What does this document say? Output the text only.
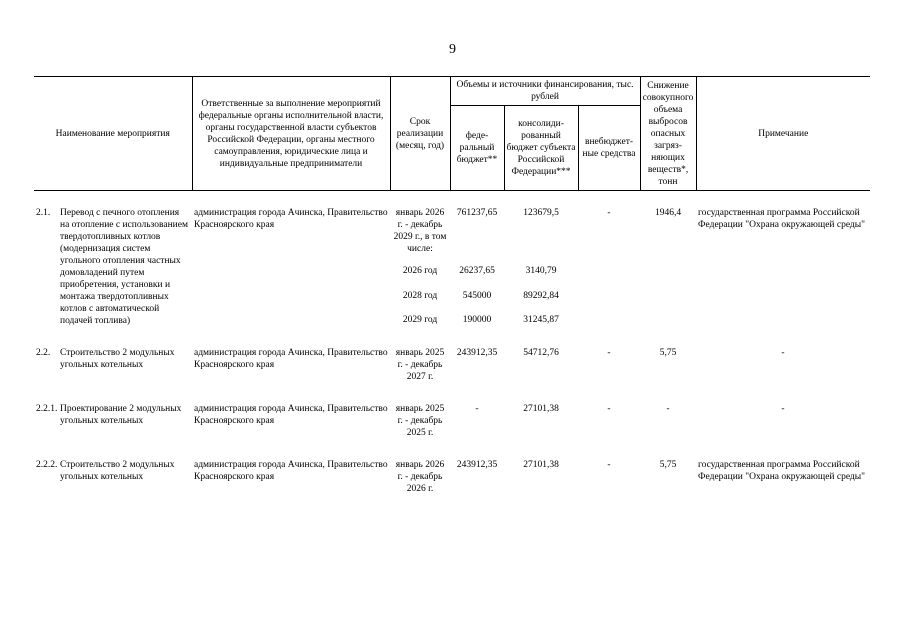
9
Наименование мероприятия	Ответственные за выполнение мероприятий федеральные органы исполнительной власти, органы государственной власти субъектов Российской Федерации, органы местного самоуправления, юридические лица и индивидуальные предприниматели	Срок реализации (месяц, год)	Объемы и источники финансирования, тыс. рублей			Снижение совокупного объема выбросов опасных загряз-няющих веществ*, тонн	Примечание
			феде-ральный бюджет**	консолиди-рованный бюджет субъекта Российской Федерации***	внебюджет-ные средства		

2.1. Перевод с печного отопления на отопление с использованием твердотопливных котлов (модернизация систем угольного отопления частных домовладений путем приобретения, установки и монтажа твердотопливных котлов с автоматической подачей топлива)	администрация города Ачинска, Правительство Красноярского края	январь 2026 г. - декабрь 2029 г., в том числе:	761237,65	123679,5	-	1946,4	государственная программа Российской Федерации "Охрана окружающей среды"
		2026 год	26237,65	3140,79			
		2028 год	545000	89292,84			
		2029 год	190000	31245,87			

2.2. Строительство 2 модульных угольных котельных	администрация города Ачинска, Правительство Красноярского края	январь 2025 г. - декабрь 2027 г.	243912,35	54712,76	-	5,75	-

2.2.1. Проектирование 2 модульных угольных котельных	администрация города Ачинска, Правительство Красноярского края	январь 2025 г. - декабрь 2025 г.	-	27101,38	-	-	-

2.2.2. Строительство 2 модульных угольных котельных	администрация города Ачинска, Правительство Красноярского края	январь 2026 г. - декабрь 2026 г.	243912,35	27101,38	-	5,75	государственная программа Российской Федерации "Охрана окружающей среды"
